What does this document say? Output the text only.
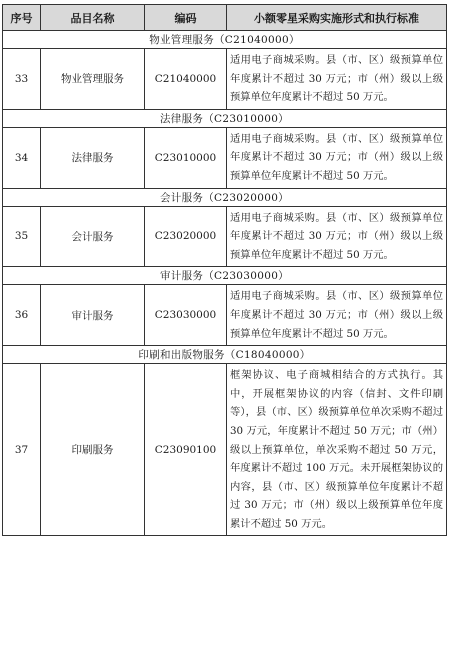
序号	品目名称	编码	小额零星采购实施形式和执行标准
物业管理服务（C21040000）			
33	物业管理服务	C21040000	适用电子商城采购。县（市、区）级预算单位年度累计不超过 30 万元；市（州）级以上级预算单位年度累计不超过 50 万元。
法律服务（C23010000）			
34	法律服务	C23010000	适用电子商城采购。县（市、区）级预算单位年度累计不超过 30 万元；市（州）级以上级预算单位年度累计不超过 50 万元。
会计服务（C23020000）			
35	会计服务	C23020000	适用电子商城采购。县（市、区）级预算单位年度累计不超过 30 万元；市（州）级以上级预算单位年度累计不超过 50 万元。
审计服务（C23030000）			
36	审计服务	C23030000	适用电子商城采购。县（市、区）级预算单位年度累计不超过 30 万元；市（州）级以上级预算单位年度累计不超过 50 万元。
印刷和出版物服务（C18040000）			
37	印刷服务	C23090100	框架协议、电子商城相结合的方式执行。其中，开展框架协议的内容（信封、文件印刷等），县（市、区）级预算单位单次采购不超过 30 万元，年度累计不超过 50 万元；市（州）级以上预算单位，单次采购不超过 50 万元，年度累计不超过 100 万元。未开展框架协议的内容，县（市、区）级预算单位年度累计不超过 30 万元；市（州）级以上级预算单位年度累计不超过 50 万元。
